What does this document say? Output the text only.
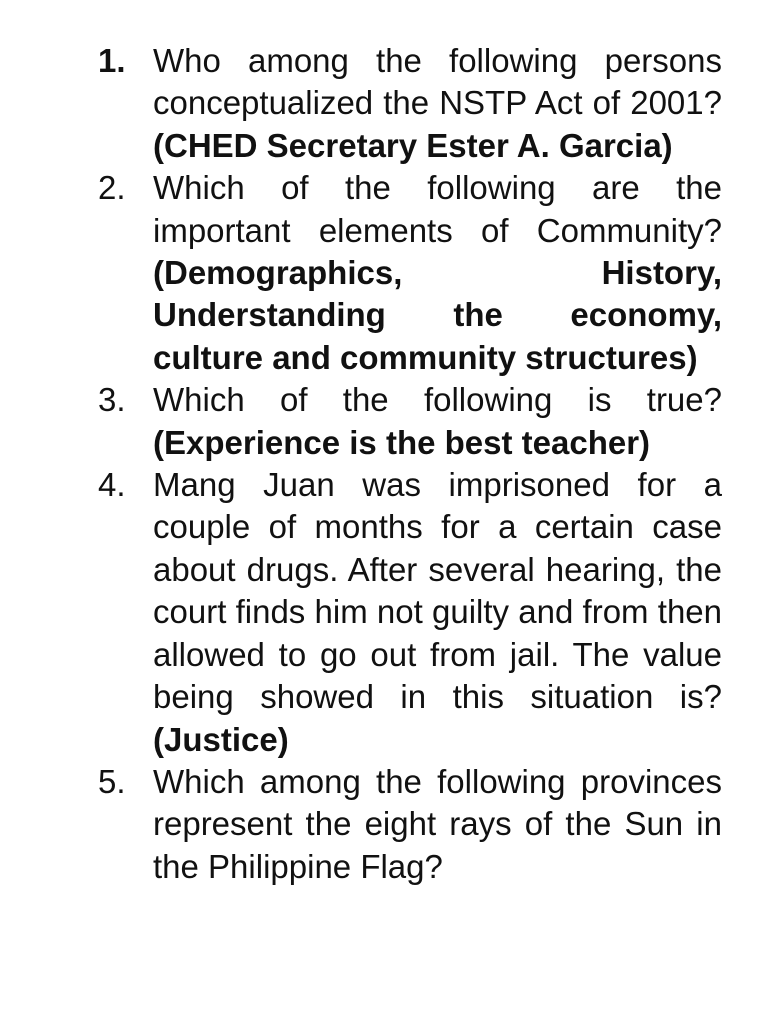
1. Who among the following persons conceptualized the NSTP Act of 2001? (CHED Secretary Ester A. Garcia)
2. Which of the following are the important elements of Community? (Demographics, History, Understanding the economy, culture and community structures)
3. Which of the following is true? (Experience is the best teacher)
4. Mang Juan was imprisoned for a couple of months for a certain case about drugs. After several hearing, the court finds him not guilty and from then allowed to go out from jail. The value being showed in this situation is? (Justice)
5. Which among the following provinces represent the eight rays of the Sun in the Philippine Flag?
